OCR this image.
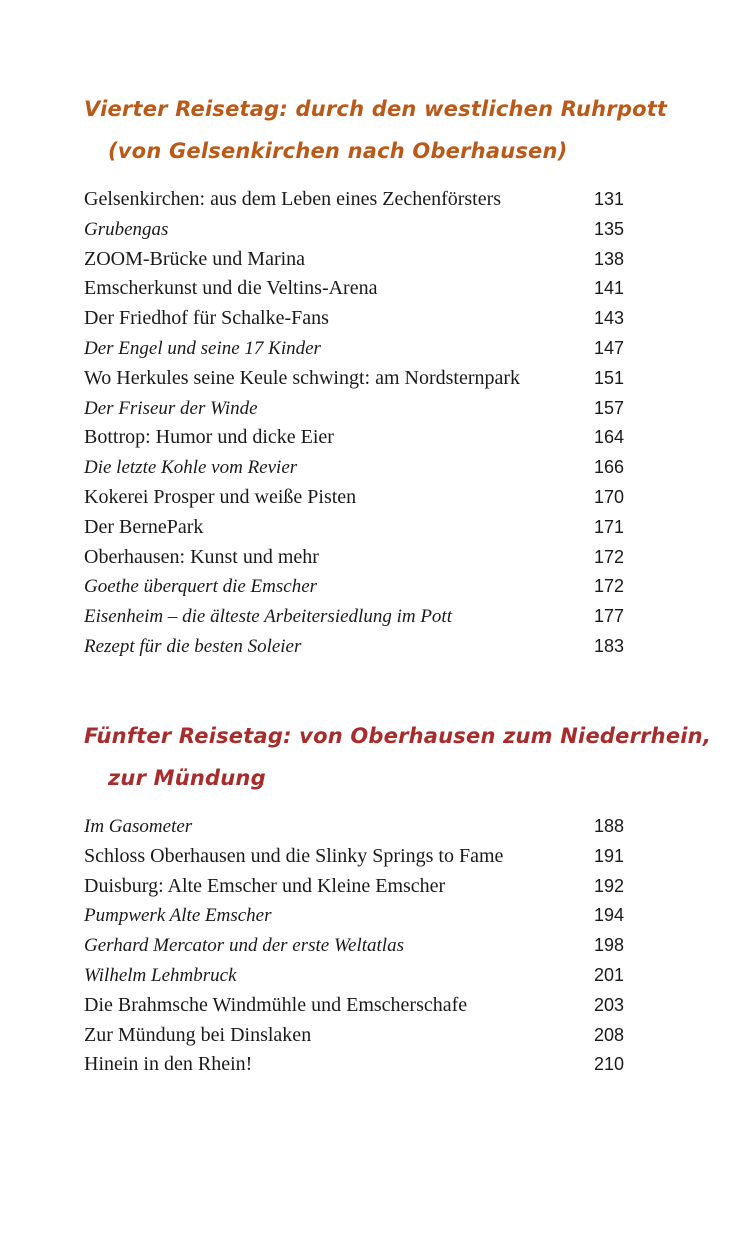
Vierter Reisetag: durch den westlichen Ruhrpott
(von Gelsenkirchen nach Oberhausen)
Gelsenkirchen: aus dem Leben eines Zechenförsters	131
Grubengas	135
ZOOM-Brücke und Marina	138
Emscherkunst und die Veltins-Arena	141
Der Friedhof für Schalke-Fans	143
Der Engel und seine 17 Kinder	147
Wo Herkules seine Keule schwingt: am Nordsternpark	151
Der Friseur der Winde	157
Bottrop: Humor und dicke Eier	164
Die letzte Kohle vom Revier	166
Kokerei Prosper und weiße Pisten	170
Der BernePark	171
Oberhausen: Kunst und mehr	172
Goethe überquert die Emscher	172
Eisenheim – die älteste Arbeitersiedlung im Pott	177
Rezept für die besten Soleier	183
Fünfter Reisetag: von Oberhausen zum Niederrhein,
zur Mündung
Im Gasometer	188
Schloss Oberhausen und die Slinky Springs to Fame	191
Duisburg: Alte Emscher und Kleine Emscher	192
Pumpwerk Alte Emscher	194
Gerhard Mercator und der erste Weltatlas	198
Wilhelm Lehmbruck	201
Die Brahmsche Windmühle und Emscherschafe	203
Zur Mündung bei Dinslaken	208
Hinein in den Rhein!	210
